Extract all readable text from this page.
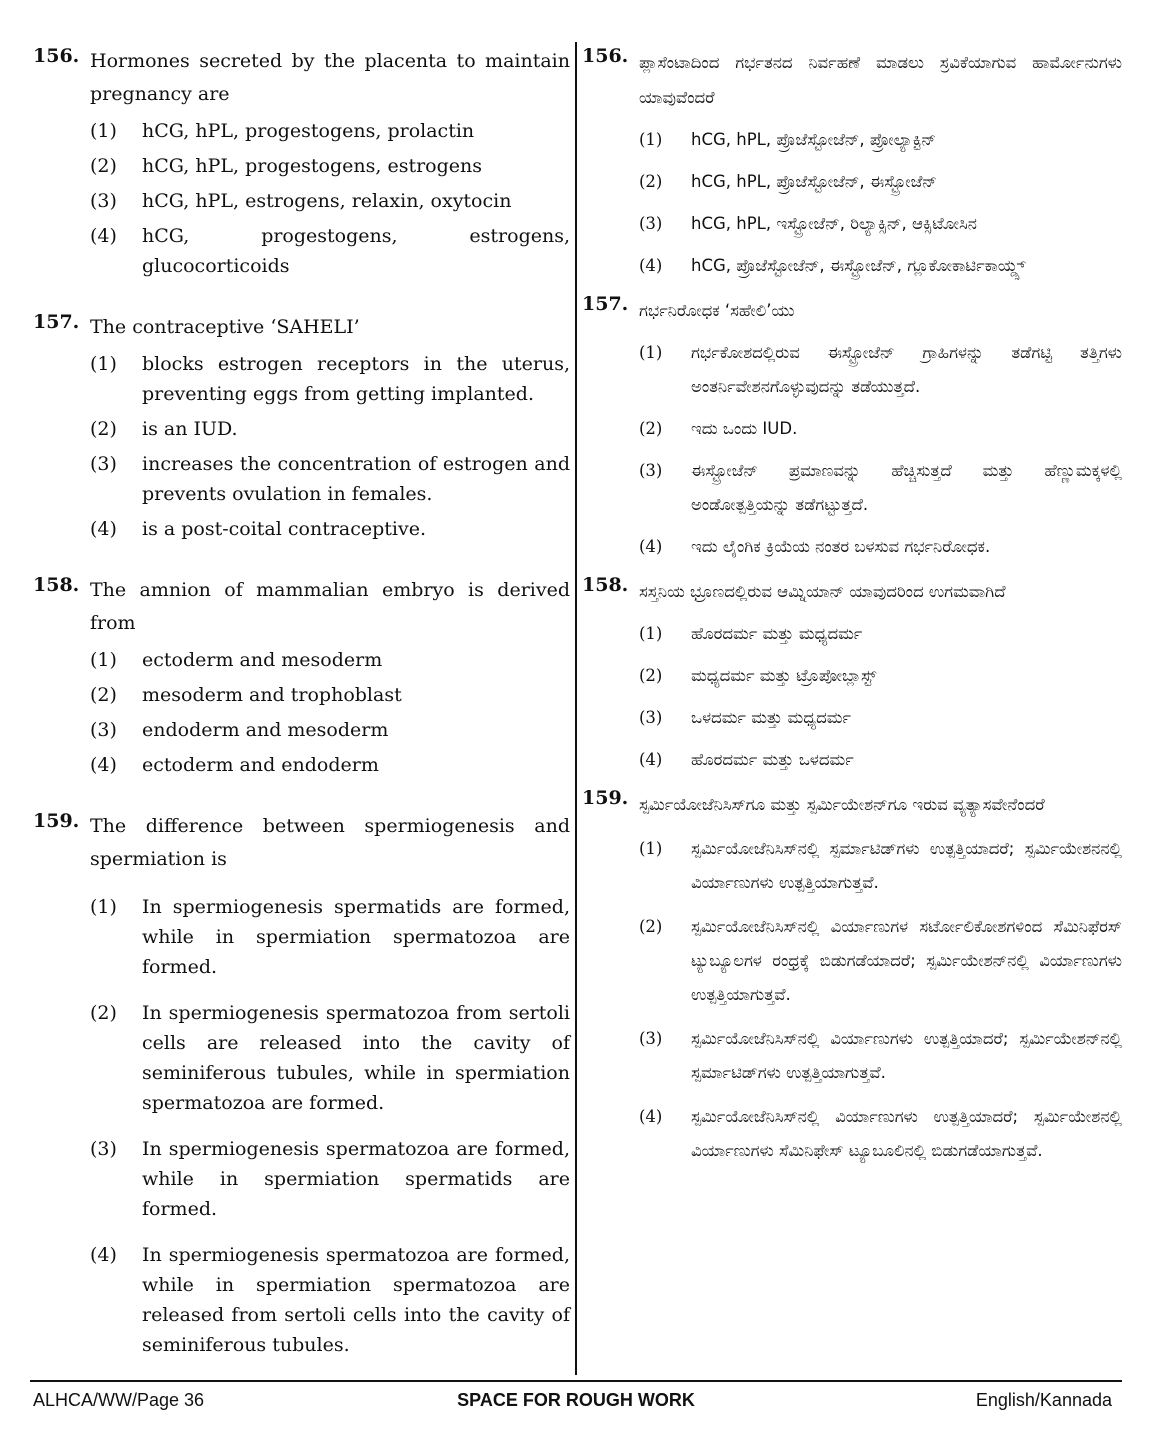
156. Hormones secreted by the placenta to maintain pregnancy are
(1)	hCG, hPL, progestogens, prolactin
(2)	hCG, hPL, progestogens, estrogens
(3)	hCG, hPL, estrogens, relaxin, oxytocin
(4)	hCG, progestogens, estrogens, glucocorticoids
157. The contraceptive ‘SAHELI’
(1)	blocks estrogen receptors in the uterus, preventing eggs from getting implanted.
(2)	is an IUD.
(3)	increases the concentration of estrogen and prevents ovulation in females.
(4)	is a post-coital contraceptive.
158. The amnion of mammalian embryo is derived from
(1)	ectoderm and mesoderm
(2)	mesoderm and trophoblast
(3)	endoderm and mesoderm
(4)	ectoderm and endoderm
159. The difference between spermiogenesis and spermiation is
(1)	In spermiogenesis spermatids are formed, while in spermiation spermatozoa are formed.
(2)	In spermiogenesis spermatozoa from sertoli cells are released into the cavity of seminiferous tubules, while in spermiation spermatozoa are formed.
(3)	In spermiogenesis spermatozoa are formed, while in spermiation spermatids are formed.
(4)	In spermiogenesis spermatozoa are formed, while in spermiation spermatozoa are released from sertoli cells into the cavity of seminiferous tubules.
156. ಪ್ಲಾಸೆಂಟಾದಿಂದ ಗರ್ಭತನದ ನಿರ್ವಹಣೆ ಮಾಡಲು ಸ್ರವಿಕೆಯಾಗುವ ಹಾರ್ಮೋನುಗಳು ಯಾವುವೆಂದರೆ
(1)	hCG, hPL, ಪ್ರೊಜೆಸ್ಟೋಜೆನ್, ಪ್ರೋಲ್ಯಾಕ್ಟಿನ್
(2)	hCG, hPL, ಪ್ರೊಜೆಸ್ಟೋಜೆನ್, ಈಸ್ಟ್ರೋಜೆನ್
(3)	hCG, hPL, ಇಸ್ಟ್ರೋಜೆನ್, ರಿಲ್ಯಾಕ್ಸಿನ್, ಆಕ್ಸಿಟೋಸಿನ
(4)	hCG, ಪ್ರೊಜೆಸ್ಟೋಜೆನ್, ಈಸ್ಟ್ರೋಜೆನ್, ಗ್ಲೂಕೋಕಾರ್ಟಿಕಾಯ್ಡ್ಸ್
157. ಗರ್ಭನಿರೋಧಕ ‘ಸಹೇಲಿ’ಯು
(1)	ಗರ್ಭಕೋಶದಲ್ಲಿರುವ ಈಸ್ಟ್ರೋಜೆನ್ ಗ್ರಾಹಿಗಳನ್ನು ತಡೆಗಟ್ಟಿ ತತ್ತಿಗಳು ಅಂತರ್ನಿವೇಶನಗೊಳ್ಳುವುದನ್ನು ತಡೆಯುತ್ತದೆ.
(2)	ಇದು ಒಂದು IUD.
(3)	ಈಸ್ಟ್ರೋಜೆನ್ ಪ್ರಮಾಣವನ್ನು ಹೆಚ್ಚಿಸುತ್ತದೆ ಮತ್ತು ಹೆಣ್ಣುಮಕ್ಕಳಲ್ಲಿ ಅಂಡೋತ್ಪತ್ತಿಯನ್ನು ತಡೆಗಟ್ಟುತ್ತದೆ.
(4)	ಇದು ಲೈಂಗಿಕ ಕ್ರಿಯೆಯ ನಂತರ ಬಳಸುವ ಗರ್ಭನಿರೋಧಕ.
158. ಸಸ್ತನಿಯ ಭ್ರೂಣದಲ್ಲಿರುವ ಆಮ್ನಿಯಾನ್ ಯಾವುದರಿಂದ ಉಗಮವಾಗಿದೆ
(1)	ಹೊರದರ್ಮ ಮತ್ತು ಮಧ್ಯದರ್ಮ
(2)	ಮಧ್ಯದರ್ಮ ಮತ್ತು ಟ್ರೊಪೋಬ್ಲಾಸ್ಟ್
(3)	ಒಳದರ್ಮ ಮತ್ತು ಮಧ್ಯದರ್ಮ
(4)	ಹೊರದರ್ಮ ಮತ್ತು ಒಳದರ್ಮ
159. ಸ್ಪರ್ಮಿಯೋಜೆನಿಸಿಸ್‌ಗೂ ಮತ್ತು ಸ್ಪರ್ಮಿಯೇಶನ್‌ಗೂ ಇರುವ ವ್ಯತ್ಯಾಸವೇನೆಂದರೆ
(1)	ಸ್ಪರ್ಮಿಯೋಜೆನಿಸಿಸ್‌ನಲ್ಲಿ ಸ್ಪರ್ಮಾಟಿಡ್‌ಗಳು ಉತ್ಪತ್ತಿಯಾದರೆ; ಸ್ಪರ್ಮಿಯೇಶನನಲ್ಲಿ ವಿರ್ಯಾಣುಗಳು ಉತ್ಪತ್ತಿಯಾಗುತ್ತವೆ.
(2)	ಸ್ಪರ್ಮಿಯೋಜೆನಿಸಿಸ್‌ನಲ್ಲಿ ವಿರ್ಯಾಣುಗಳ ಸರ್ಟೋಲಿಕೋಶಗಳಿಂದ ಸೆಮಿನಿಫೆರಸ್ ಟ್ಯುಬ್ಯೂಲಗಳ ರಂಧ್ರಕ್ಕೆ ಬಿಡುಗಡೆಯಾದರೆ; ಸ್ಪರ್ಮಿಯೇಶನ್‌ನಲ್ಲಿ ವಿರ್ಯಾಣುಗಳು ಉತ್ಪತ್ತಿಯಾಗುತ್ತವೆ.
(3)	ಸ್ಪರ್ಮಿಯೋಜೆನಿಸಿಸ್‌ನಲ್ಲಿ ವಿರ್ಯಾಣುಗಳು ಉತ್ಪತ್ತಿಯಾದರೆ; ಸ್ಪರ್ಮಿಯೇಶನ್‌ನಲ್ಲಿ ಸ್ಪರ್ಮಾಟಿಡ್‌ಗಳು ಉತ್ಪತ್ತಿಯಾಗುತ್ತವೆ.
(4)	ಸ್ಪರ್ಮಿಯೋಜೆನಿಸಿಸ್‌ನಲ್ಲಿ ವಿರ್ಯಾಣುಗಳು ಉತ್ಪತ್ತಿಯಾದರೆ; ಸ್ಪರ್ಮಿಯೇಶನಲ್ಲಿ ವಿರ್ಯಾಣುಗಳು ಸೆಮಿನಿಫೇಸ್ ಟ್ಯೂಬೂಲಿನಲ್ಲಿ ಬಿಡುಗಡೆಯಾಗುತ್ತವೆ.
SPACE FOR ROUGH WORK
ALHCA/WW/Page 36	English/Kannada
